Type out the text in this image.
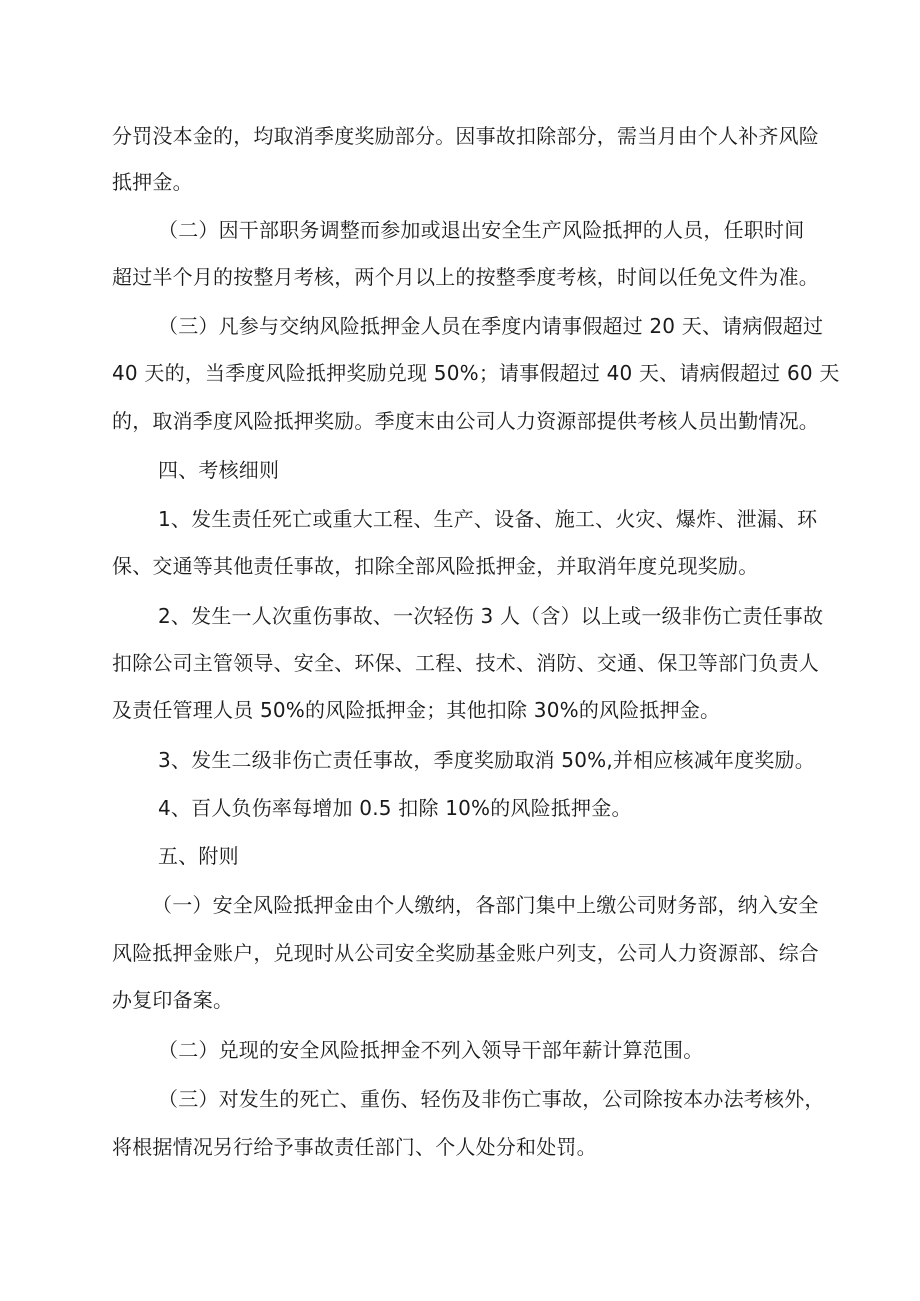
分罚没本金的，均取消季度奖励部分。因事故扣除部分，需当月由个人补齐风险
抵押金。
（二）因干部职务调整而参加或退出安全生产风险抵押的人员，任职时间
超过半个月的按整月考核，两个月以上的按整季度考核，时间以任免文件为准。
（三）凡参与交纳风险抵押金人员在季度内请事假超过 20 天、请病假超过
40 天的，当季度风险抵押奖励兑现 50%；请事假超过 40 天、请病假超过 60 天
的，取消季度风险抵押奖励。季度末由公司人力资源部提供考核人员出勤情况。
四、考核细则
1、发生责任死亡或重大工程、生产、设备、施工、火灾、爆炸、泄漏、环
保、交通等其他责任事故，扣除全部风险抵押金，并取消年度兑现奖励。
2、发生一人次重伤事故、一次轻伤 3 人（含）以上或一级非伤亡责任事故
扣除公司主管领导、安全、环保、工程、技术、消防、交通、保卫等部门负责人
及责任管理人员 50%的风险抵押金；其他扣除 30%的风险抵押金。
3、发生二级非伤亡责任事故，季度奖励取消 50%,并相应核减年度奖励。
4、百人负伤率每增加 0.5 扣除 10%的风险抵押金。
五、附则
（一）安全风险抵押金由个人缴纳，各部门集中上缴公司财务部，纳入安全
风险抵押金账户，兑现时从公司安全奖励基金账户列支，公司人力资源部、综合
办复印备案。
（二）兑现的安全风险抵押金不列入领导干部年薪计算范围。
（三）对发生的死亡、重伤、轻伤及非伤亡事故，公司除按本办法考核外，
将根据情况另行给予事故责任部门、个人处分和处罚。
